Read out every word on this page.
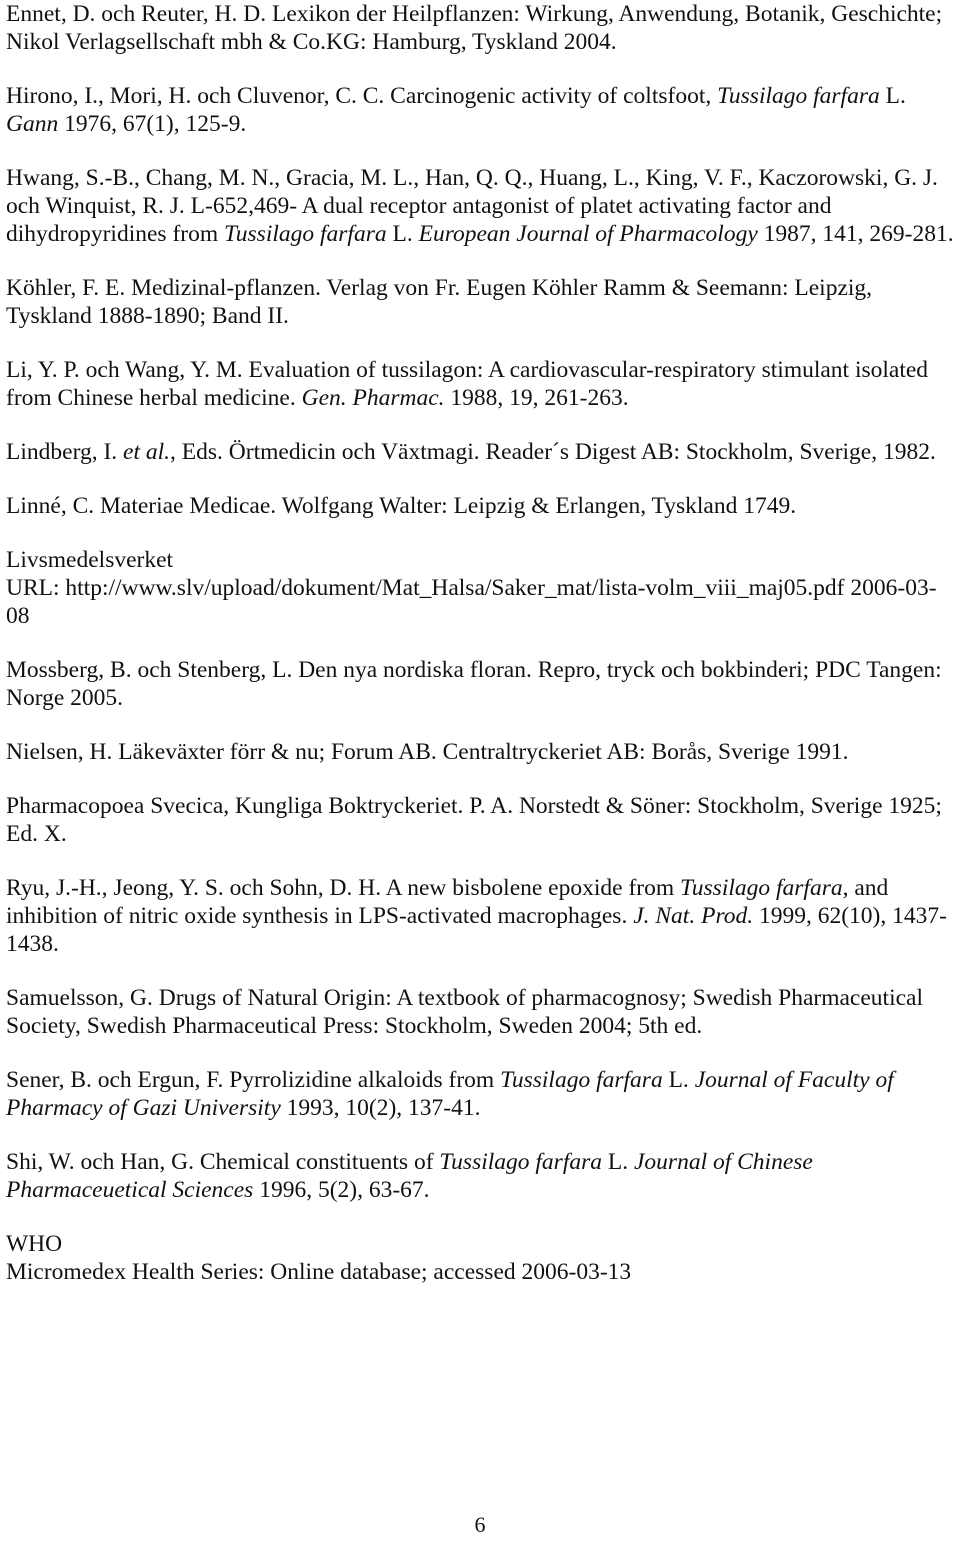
Ennet, D. och Reuter, H. D. Lexikon der Heilpflanzen: Wirkung, Anwendung, Botanik, Geschichte; Nikol Verlagsellschaft mbh & Co.KG: Hamburg, Tyskland 2004.

Hirono, I., Mori, H. och Cluvenor, C. C. Carcinogenic activity of coltsfoot, Tussilago farfara L. Gann 1976, 67(1), 125-9.

Hwang, S.-B., Chang, M. N., Gracia, M. L., Han, Q. Q., Huang, L., King, V. F., Kaczorowski, G. J. och Winquist, R. J. L-652,469- A dual receptor antagonist of platet activating factor and dihydropyridines from Tussilago farfara L. European Journal of Pharmacology 1987, 141, 269-281.

Köhler, F. E. Medizinal-pflanzen. Verlag von Fr. Eugen Köhler Ramm & Seemann: Leipzig, Tyskland 1888-1890; Band II.

Li, Y. P. och Wang, Y. M. Evaluation of tussilagon: A cardiovascular-respiratory stimulant isolated from Chinese herbal medicine. Gen. Pharmac. 1988, 19, 261-263.

Lindberg, I. et al., Eds. Örtmedicin och Växtmagi. Reader´s Digest AB: Stockholm, Sverige, 1982.

Linné, C. Materiae Medicae. Wolfgang Walter: Leipzig & Erlangen, Tyskland 1749.

Livsmedelsverket
URL: http://www.slv/upload/dokument/Mat_Halsa/Saker_mat/lista-volm_viii_maj05.pdf 2006-03-08

Mossberg, B. och Stenberg, L. Den nya nordiska floran. Repro, tryck och bokbinderi; PDC Tangen: Norge 2005.

Nielsen, H. Läkeväxter förr & nu; Forum AB. Centraltryckeriet AB: Borås, Sverige 1991.

Pharmacopoea Svecica, Kungliga Boktryckeriet. P. A. Norstedt & Söner: Stockholm, Sverige 1925; Ed. X.

Ryu, J.-H., Jeong, Y. S. och Sohn, D. H. A new bisbolene epoxide from Tussilago farfara, and inhibition of nitric oxide synthesis in LPS-activated macrophages. J. Nat. Prod. 1999, 62(10), 1437-1438.

Samuelsson, G. Drugs of Natural Origin: A textbook of pharmacognosy; Swedish Pharmaceutical Society, Swedish Pharmaceutical Press: Stockholm, Sweden 2004; 5th ed.

Sener, B. och Ergun, F. Pyrrolizidine alkaloids from Tussilago farfara L. Journal of Faculty of Pharmacy of Gazi University 1993, 10(2), 137-41.

Shi, W. och Han, G. Chemical constituents of Tussilago farfara L. Journal of Chinese Pharmaceuetical Sciences 1996, 5(2), 63-67.

WHO
Micromedex Health Series: Online database; accessed 2006-03-13

6
